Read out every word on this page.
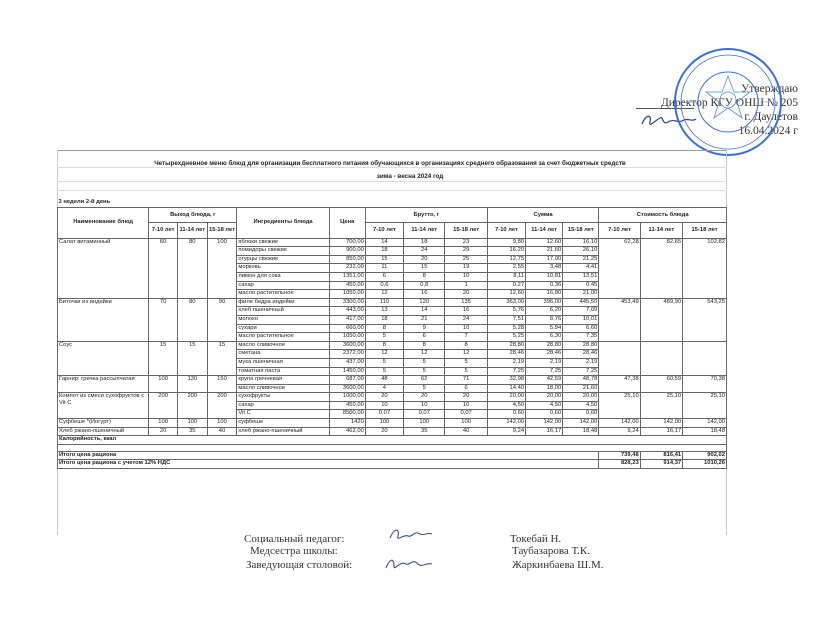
Утверждаю
Директор КГУ ОНШ № 205
г. Даулетов
16.04.2024 г
Четырехдневное меню блюд для организации бесплатного питания обучающихся в организациях среднего образования за счет бюджетных средств
зима - весна 2024 год
3 недели 2-й день														
Наименование блюд	Выход блюда, г			Ингредиенты блюда	Цена	Брутто, г			Сумма			Стоимость блюда		
	7-10 лет	11-14 лет	15-18 лет			7-10 лет	11-14 лет	15-18 лет	7-10 лет	11-14 лет	15-18 лет	7-10 лет	11-14 лет	15-18 лет
Салат витаминный	60	80	100	яблоки свежие	700,00	14	18	23	9,80	12,60	16,10	62,28	82,65	102,82
				помидоры свежие	900,00	18	24	29	16,20	21,60	26,10			
				огурцы свежие	850,00	15	20	25	12,75	17,00	21,25			
				морковь	232,00	11	15	19	2,55	3,48	4,41			
				лимон для сока	1351,00	6	8	10	8,11	10,81	13,51			
				сахар	450,00	0,6	0,8	1	0,27	0,36	0,45			
				масло растительное	1050,00	12	16	20	12,60	16,80	21,00			
Биточки из индейки	70	80	90	филе бедра индейки	3300,00	110	120	135	363,00	396,00	445,50	453,49	489,90	543,25
				хлеб пшеничный	443,00	13	14	16	5,76	6,20	7,09			
				молоко	417,00	18	21	24	7,51	8,76	10,01			
				сухари	660,00	8	9	10	5,28	5,94	6,60			
				масло растительное	1050,00	5	6	7	5,25	6,30	7,35			
Соус	15	15	15	масло сливочное	3600,00	8	8	8	28,80	28,80	28,80			
				сметана	2372,00	12	12	12	28,46	28,46	28,46			
				мука пшеничная	437,00	5	5	5	2,19	2,19	2,19			
				томатная паста	1450,00	5	5	5	7,25	7,25	7,25			
Гарнир: гречка рассыпчатая	100	130	150	крупа гречневая	687,00	48	62	71	32,98	42,59	48,78	47,38	60,59	70,38
				масло сливочное	3600,00	4	5	6	14,40	18,00	21,60			
Компот из смеси сухофруктов с Vit C	200	200	200	сухофрукты	1000,00	20	20	20	20,00	20,00	20,00	25,10	25,10	25,10
				сахар	450,00	10	10	10	4,50	4,50	4,50			
				Vit C	8500,00	0,07	0,07	0,07	0,60	0,60	0,60			
Суфбеше *(Йогурт)	100	100	100	суфбеше	1420	100	100	100	142,00	142,00	142,00	142,00	142,00	142,00
Хлеб ржано-пшеничный	20	35	40	хлеб ржано-пшеничный	462,00	20	35	40	9,24	16,17	18,48	9,24	16,17	18,48
Калорийность, ккал														

Итого цена рациона												739,48	816,41	902,02
Итого цена рациона с учетом 12% НДС												828,23	914,37	1010,26
Социальный педагог:	Токебай Н.
Медсестра школы:	Таубазарова Т.К.
Заведующая столовой:	Жаркинбаева Ш.М.
